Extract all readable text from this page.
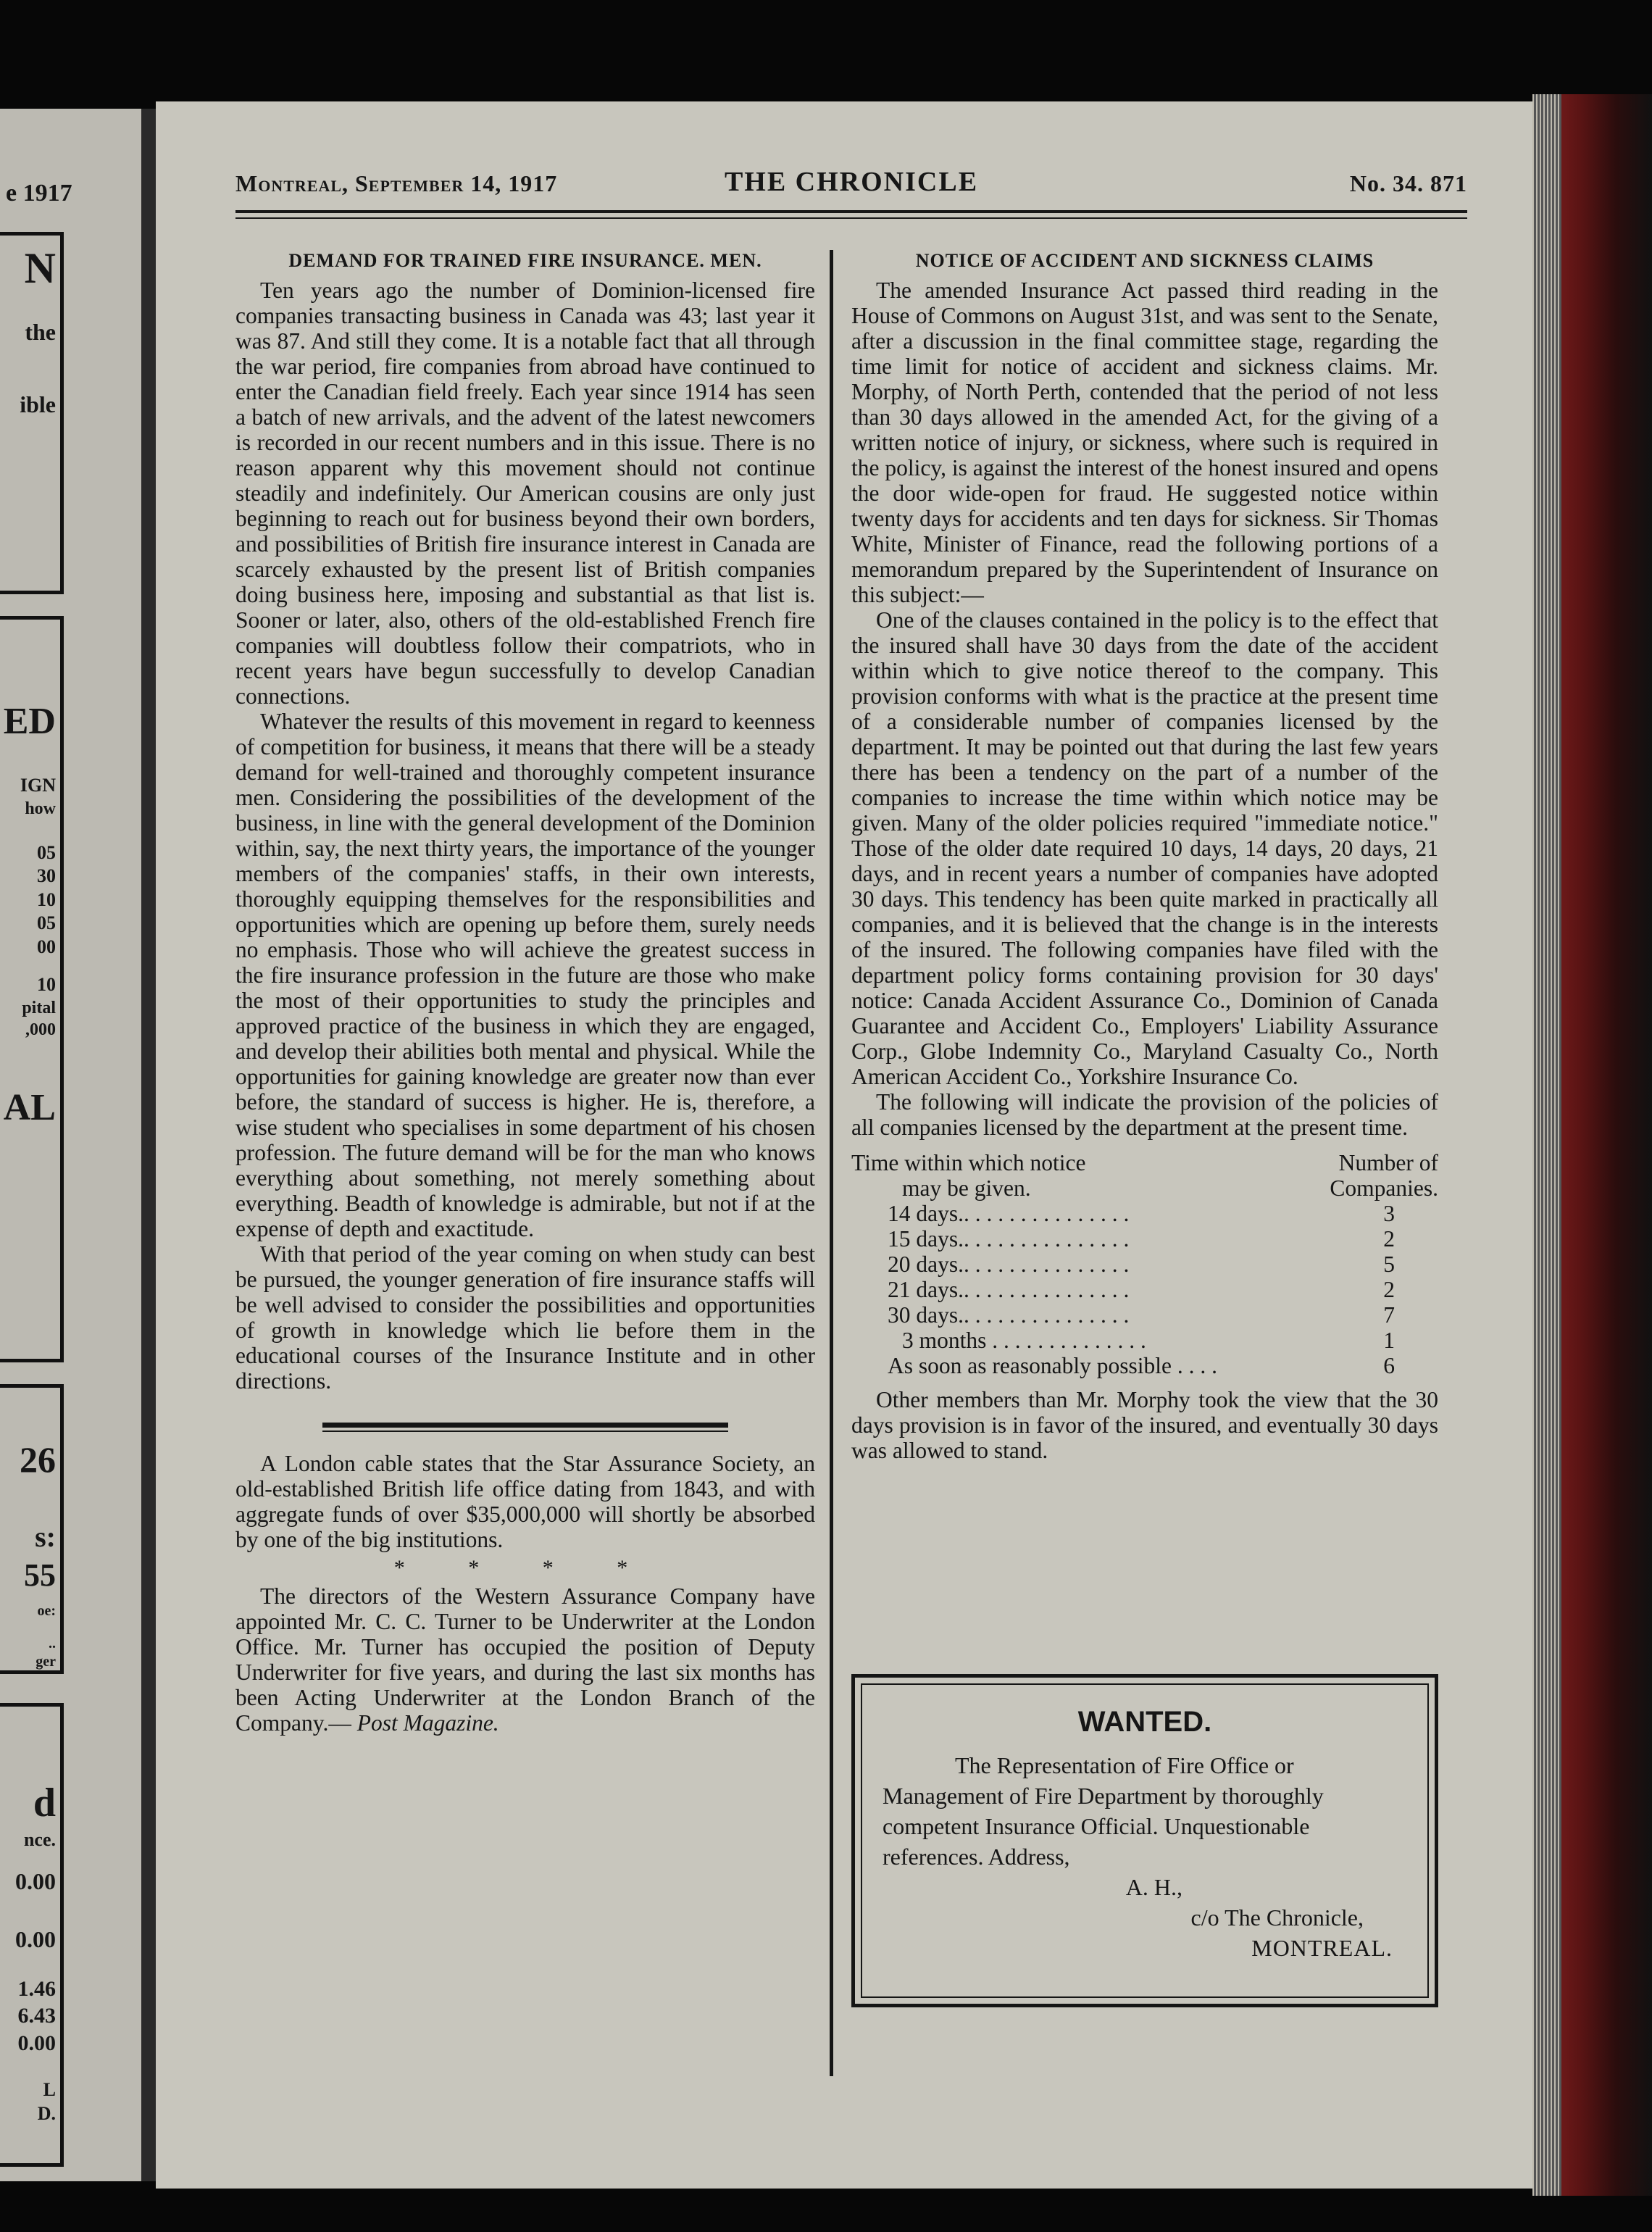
e 1917
N
the
ible
ED
IGN
how
05
30
10
05
00
10
pital
,000
AL
26
s:
55
oe:
..
ger
d
nce.
0.00
0.00
1.46
6.43
0.00
L
D.
Montreal, September 14, 1917	THE CHRONICLE	No. 34. 871
DEMAND FOR TRAINED FIRE INSURANCE. MEN.

Ten years ago the number of Dominion-licensed fire companies transacting business in Canada was 43; last year it was 87. And still they come. It is a notable fact that all through the war period, fire companies from abroad have continued to enter the Canadian field freely. Each year since 1914 has seen a batch of new arrivals, and the advent of the latest newcomers is recorded in our recent numbers and in this issue. There is no reason apparent why this movement should not continue steadily and indefinitely. Our American cousins are only just beginning to reach out for business beyond their own borders, and possibilities of British fire insurance interest in Canada are scarcely exhausted by the present list of British companies doing business here, imposing and substantial as that list is. Sooner or later, also, others of the old-established French fire companies will doubtless follow their compatriots, who in recent years have begun successfully to develop Canadian connections.

Whatever the results of this movement in regard to keenness of competition for business, it means that there will be a steady demand for well-trained and thoroughly competent insurance men. Considering the possibilities of the development of the business, in line with the general development of the Dominion within, say, the next thirty years, the importance of the younger members of the companies' staffs, in their own interests, thoroughly equipping themselves for the responsibilities and opportunities which are opening up before them, surely needs no emphasis. Those who will achieve the greatest success in the fire insurance profession in the future are those who make the most of their opportunities to study the principles and approved practice of the business in which they are engaged, and develop their abilities both mental and physical. While the opportunities for gaining knowledge are greater now than ever before, the standard of success is higher. He is, therefore, a wise student who specialises in some department of his chosen profession. The future demand will be for the man who knows everything about something, not merely something about everything. Beadth of knowledge is admirable, but not if at the expense of depth and exactitude.

With that period of the year coming on when study can best be pursued, the younger generation of fire insurance staffs will be well advised to consider the possibilities and opportunities of growth in knowledge which lie before them in the educational courses of the Insurance Institute and in other directions.

A London cable states that the Star Assurance Society, an old-established British life office dating from 1843, and with aggregate funds of over $35,000,000 will shortly be absorbed by one of the big institutions.

* * * *

The directors of the Western Assurance Company have appointed Mr. C. C. Turner to be Underwriter at the London Office. Mr. Turner has occupied the position of Deputy Underwriter for five years, and during the last six months has been Acting Underwriter at the London Branch of the Company.— Post Magazine.

NOTICE OF ACCIDENT AND SICKNESS CLAIMS

The amended Insurance Act passed third reading in the House of Commons on August 31st, and was sent to the Senate, after a discussion in the final committee stage, regarding the time limit for notice of accident and sickness claims. Mr. Morphy, of North Perth, contended that the period of not less than 30 days allowed in the amended Act, for the giving of a written notice of injury, or sickness, where such is required in the policy, is against the interest of the honest insured and opens the door wide-open for fraud. He suggested notice within twenty days for accidents and ten days for sickness. Sir Thomas White, Minister of Finance, read the following portions of a memorandum prepared by the Superintendent of Insurance on this subject:—

One of the clauses contained in the policy is to the effect that the insured shall have 30 days from the date of the accident within which to give notice thereof to the company. This provision conforms with what is the practice at the present time of a considerable number of companies licensed by the department. It may be pointed out that during the last few years there has been a tendency on the part of a number of the companies to increase the time within which notice may be given. Many of the older policies required "immediate notice." Those of the older date required 10 days, 14 days, 20 days, 21 days, and in recent years a number of companies have adopted 30 days. This tendency has been quite marked in practically all companies, and it is believed that the change is in the interests of the insured. The following companies have filed with the department policy forms containing provision for 30 days' notice: Canada Accident Assurance Co., Dominion of Canada Guarantee and Accident Co., Employers' Liability Assurance Corp., Globe Indemnity Co., Maryland Casualty Co., North American Accident Co., Yorkshire Insurance Co.

The following will indicate the provision of the policies of all companies licensed by the department at the present time.

Time within which notice	Number of
may be given.	Companies.
14 days.. . . . . . . . . . . . . . .	3
15 days.. . . . . . . . . . . . . . .	2
20 days.. . . . . . . . . . . . . . .	5
21 days.. . . . . . . . . . . . . . .	2
30 days.. . . . . . . . . . . . . . .	7
3 months . . . . . . . . . . . . . .	1
As soon as reasonably possible . . . .	6

Other members than Mr. Morphy took the view that the 30 days provision is in favor of the insured, and eventually 30 days was allowed to stand.

WANTED.

The Representation of Fire Office or Management of Fire Department by thoroughly competent Insurance Official. Unquestionable references. Address,

A. H.,
c/o The Chronicle,
MONTREAL.
